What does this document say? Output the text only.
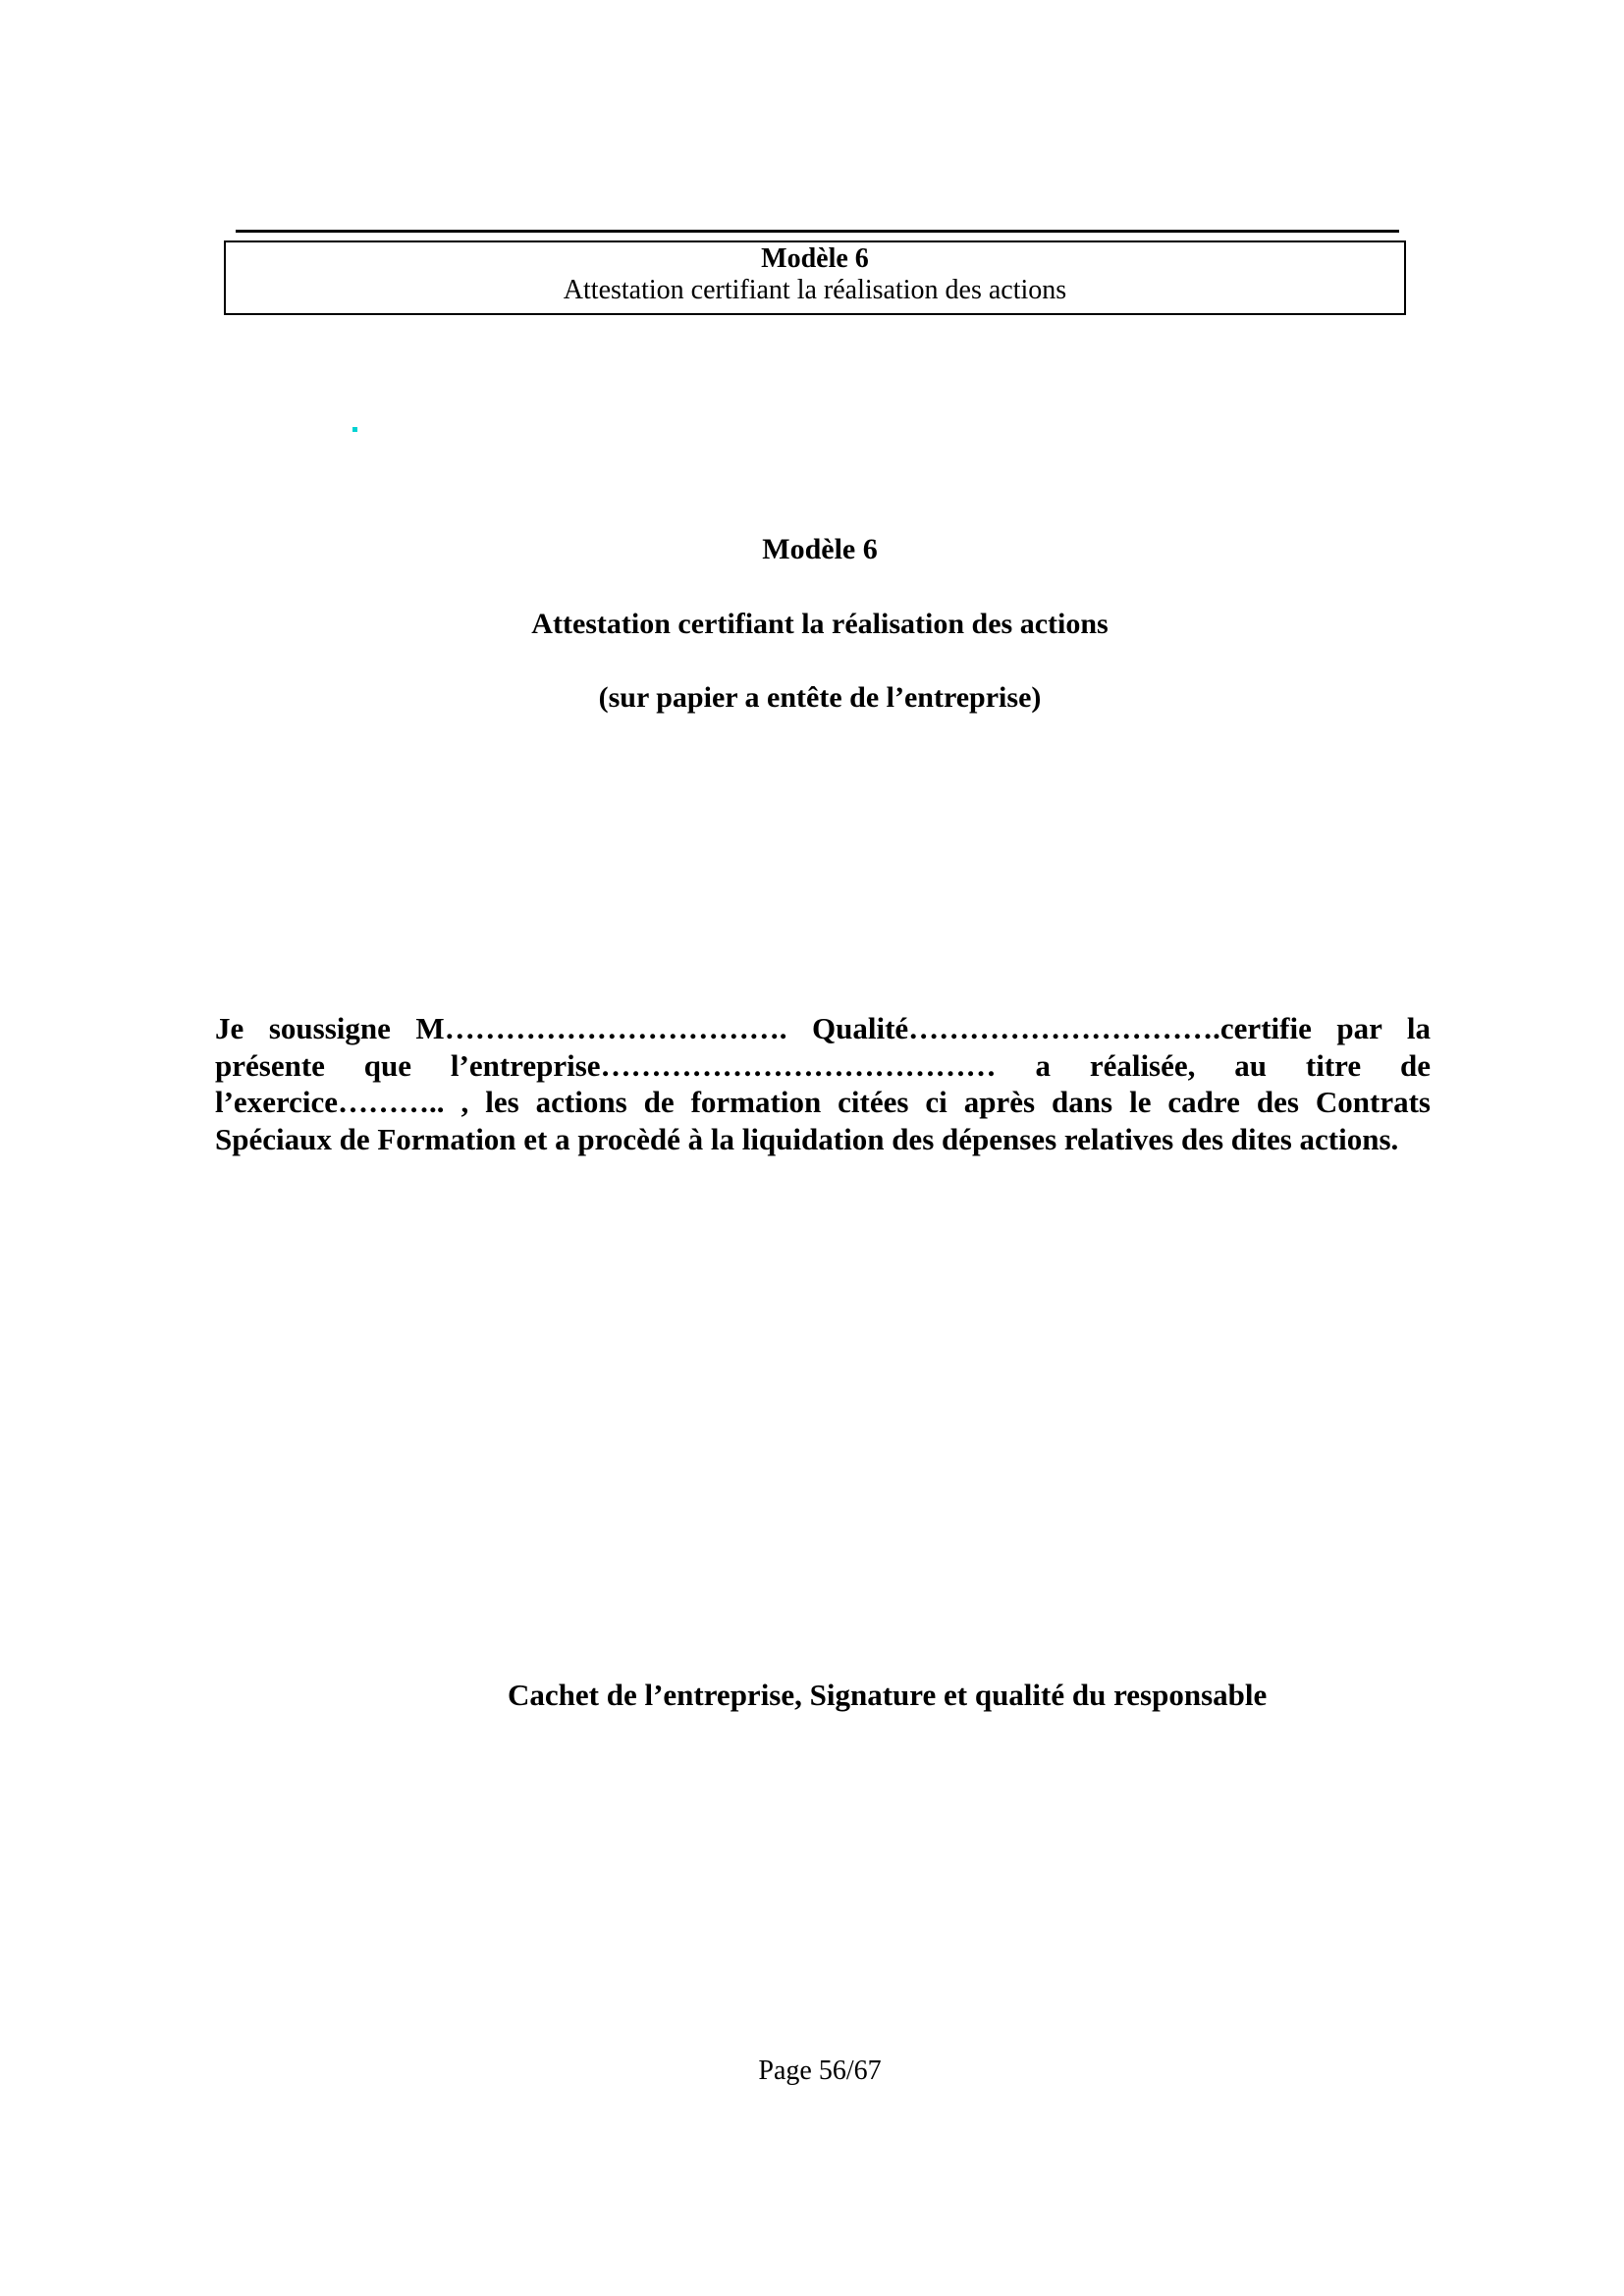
Modèle 6
Attestation certifiant la réalisation des actions
Modèle 6
Attestation certifiant la réalisation des actions
(sur papier a entête de l’entreprise)
Je soussigne M……………………………. Qualité………………………….certifie par la présente que l’entreprise………………………………… a réalisée, au titre de l’exercice……….. , les actions de formation citées ci après dans le cadre des Contrats Spéciaux de Formation et a procèdé à la liquidation des dépenses relatives des dites actions.
Cachet de l’entreprise, Signature et qualité du responsable
Page 56/67
